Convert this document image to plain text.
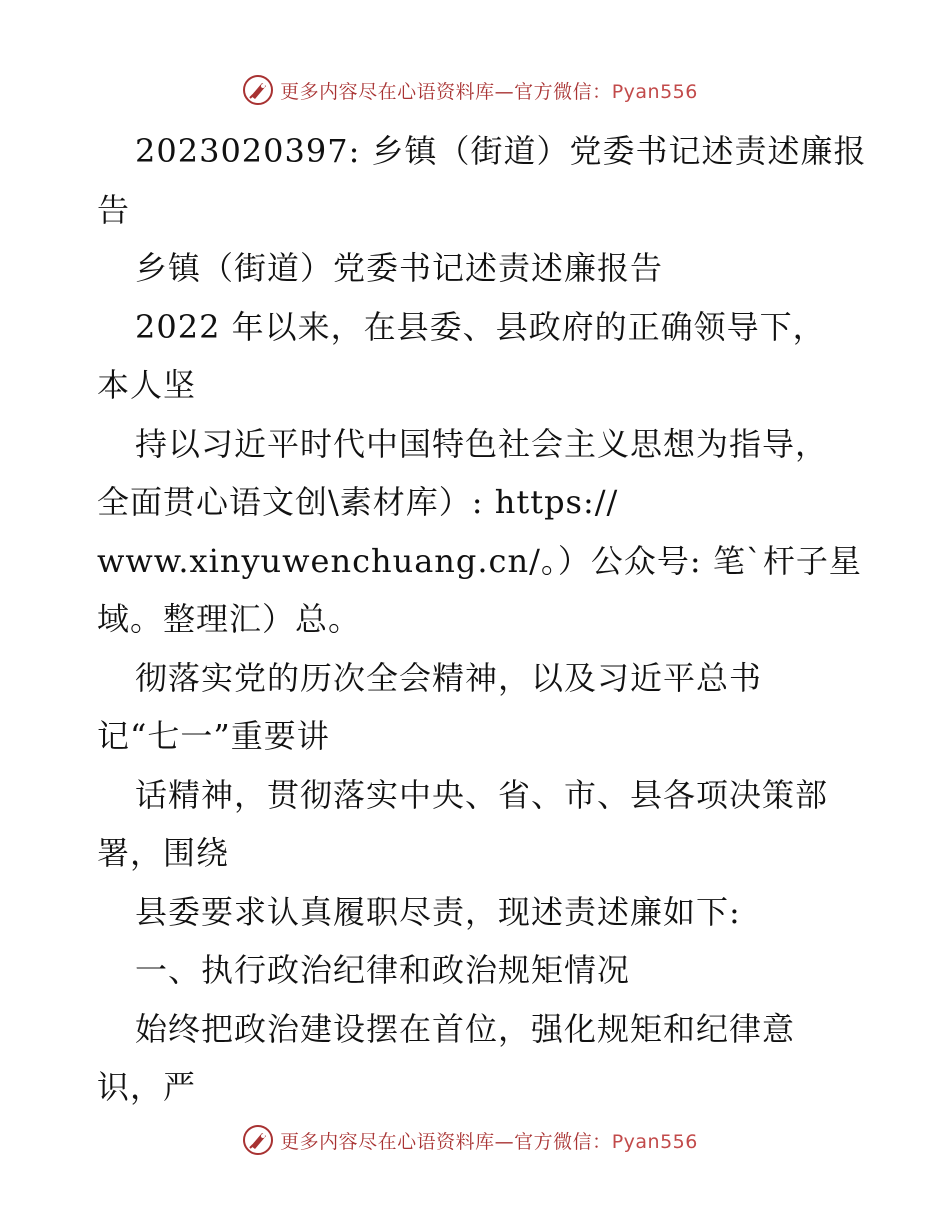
更多内容尽在心语资料库—官方微信：Pyan556
2023020397: 乡镇（街道）党委书记述责述廉报
告
乡镇（街道）党委书记述责述廉报告
2022 年以来，在县委、县政府的正确领导下，
本人坚
持以习近平时代中国特色社会主义思想为指导，
全面贯心语文创\素材库）: https://
www.xinyuwenchuang.cn/。）公众号: 笔`杆子星
域。整理汇）总。
彻落实党的历次全会精神，以及习近平总书
记“七一”重要讲
话精神，贯彻落实中央、省、市、县各项决策部
署，围绕
县委要求认真履职尽责，现述责述廉如下:
一、执行政治纪律和政治规矩情况
始终把政治建设摆在首位，强化规矩和纪律意
识，严
更多内容尽在心语资料库—官方微信：Pyan556
